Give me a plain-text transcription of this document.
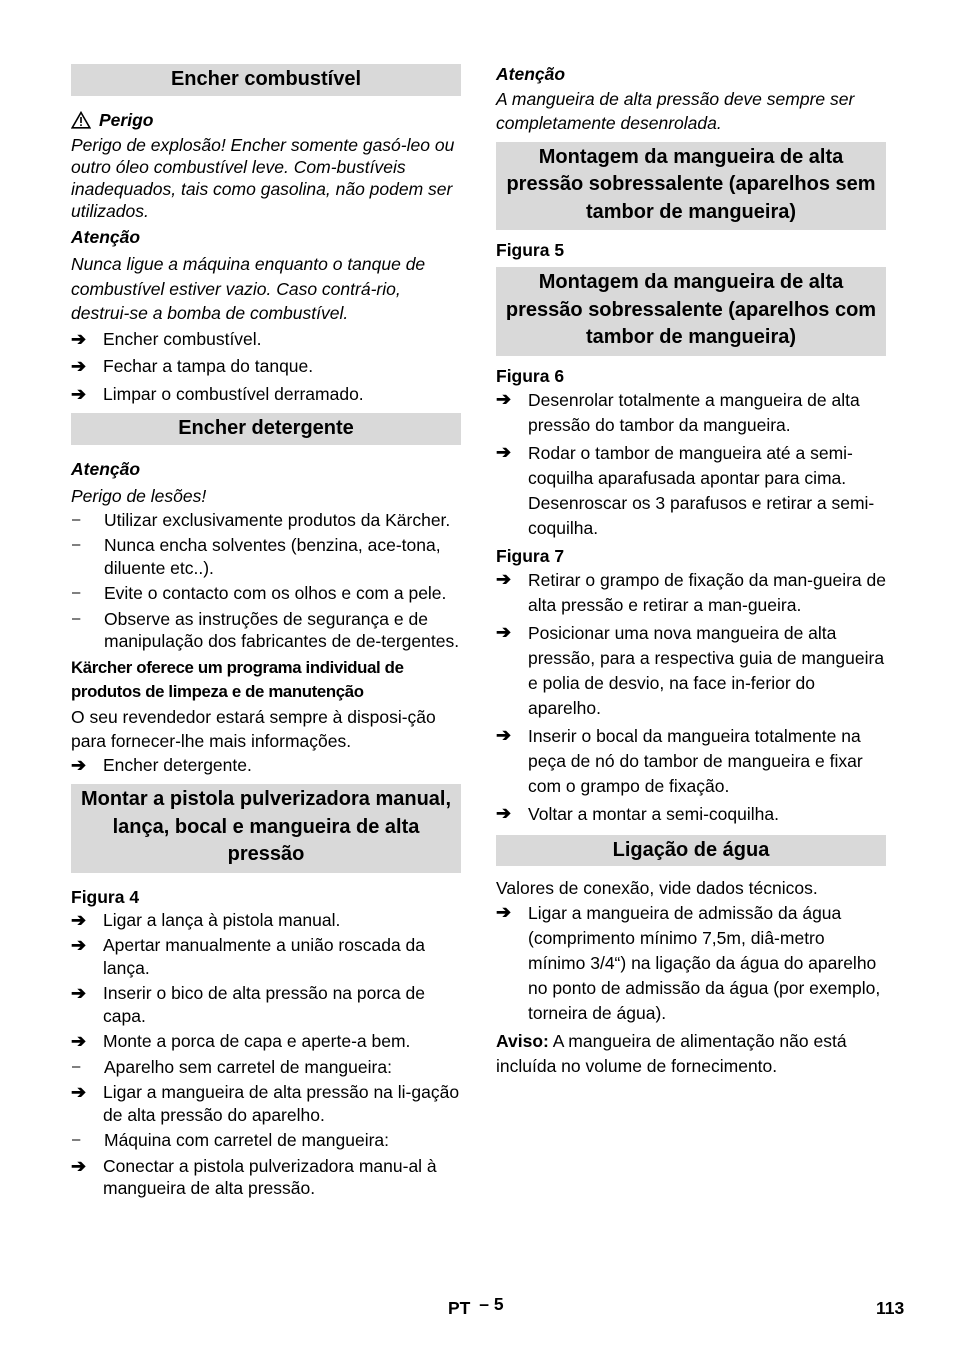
Encher combustível
Perigo
Perigo de explosão! Encher somente gasó-leo ou outro óleo combustível leve. Com-bustíveis inadequados, tais como gasolina, não podem ser utilizados.
Atenção
Nunca ligue a máquina enquanto o tanque de combustível estiver vazio. Caso contrá-rio, destrui-se a bomba de combustível.
➔ Encher combustível.
➔ Fechar a tampa do tanque.
➔ Limpar o combustível derramado.
Encher detergente
Atenção
Perigo de lesões!
–	Utilizar exclusivamente produtos da Kärcher.
–	Nunca encha solventes (benzina, ace-tona, diluente etc..).
–	Evite o contacto com os olhos e com a pele.
–	Observe as instruções de segurança e de manipulação dos fabricantes de de-tergentes.
Kärcher oferece um programa individual de produtos de limpeza e de manutenção
O seu revendedor estará sempre à disposi-ção para fornecer-lhe mais informações.
➔ Encher detergente.
Montar a pistola pulverizadora manual, lança, bocal e mangueira de alta pressão
Figura 4
➔ Ligar a lança à pistola manual.
➔ Apertar manualmente a união roscada da lança.
➔ Inserir o bico de alta pressão na porca de capa.
➔ Monte a porca de capa e aperte-a bem.
–	Aparelho sem carretel de mangueira:
➔ Ligar a mangueira de alta pressão na li-gação de alta pressão do aparelho.
–	Máquina com carretel de mangueira:
➔ Conectar a pistola pulverizadora manu-al à mangueira de alta pressão.
Atenção
A mangueira de alta pressão deve sempre ser completamente desenrolada.
Montagem da mangueira de alta pressão sobressalente (aparelhos sem tambor de mangueira)
Figura 5
Montagem da mangueira de alta pressão sobressalente (aparelhos com tambor de mangueira)
Figura 6
➔ Desenrolar totalmente a mangueira de alta pressão do tambor da mangueira.
➔ Rodar o tambor de mangueira até a semi-coquilha aparafusada apontar para cima. Desenroscar os 3 parafusos e retirar a semi-coquilha.
Figura 7
➔ Retirar o grampo de fixação da man-gueira de alta pressão e retirar a man-gueira.
➔ Posicionar uma nova mangueira de alta pressão, para a respectiva guia de mangueira e polia de desvio, na face in-ferior do aparelho.
➔ Inserir o bocal da mangueira totalmente na peça de nó do tambor de mangueira e fixar com o grampo de fixação.
➔ Voltar a montar a semi-coquilha.
Ligação de água
Valores de conexão, vide dados técnicos.
➔ Ligar a mangueira de admissão da água (comprimento mínimo 7,5m, diâ-metro mínimo 3/4“) na ligação da água do aparelho no ponto de admissão da água (por exemplo, torneira de água).
Aviso: A mangueira de alimentação não está incluída no volume de fornecimento.
PT – 5	113
